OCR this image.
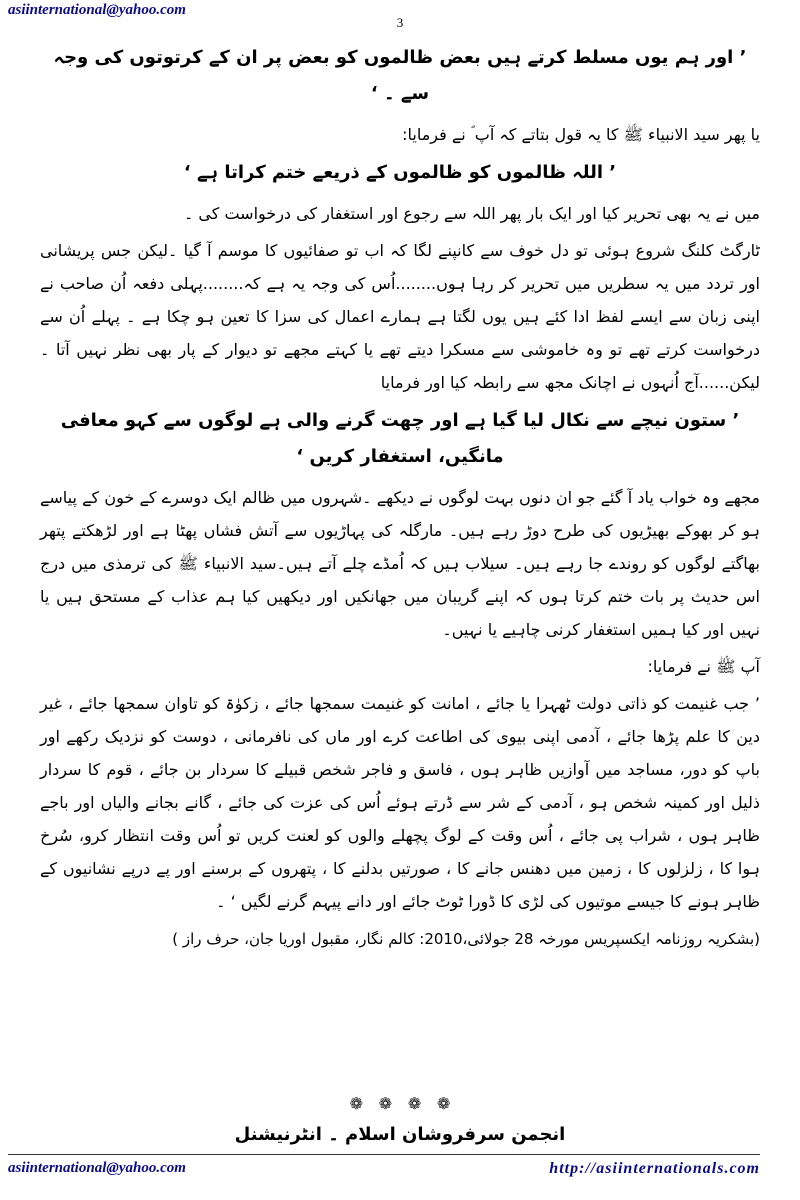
asiinternational@yahoo.com
3
’ اور ہم یوں مسلط کرتے ہیں بعض ظالموں کو بعض پر ان کے کرتوتوں کی وجہ سے ۔ ‘
یا پھر سید الانبیاء ﷺ کا یہ قول بتاتے کہ آپ ؐ نے فرمایا:
’ اللہ ظالموں کو ظالموں کے ذریعے ختم کراتا ہے ‘
میں نے یہ بھی تحریر کیا اور ایک بار پھر اللہ سے رجوع اور استغفار کی درخواست کی ۔
ٹارگٹ کلنگ شروع ہوئی تو دل خوف سے کانپنے لگا کہ اب تو صفائیوں کا موسم آ گیا ۔لیکن جس پریشانی اور تردد میں یہ سطریں میں تحریر کر رہا ہوں........اُس کی وجہ یہ ہے کہ........پہلی دفعہ اُن صاحب نے اپنی زبان سے ایسے لفظ ادا کئے ہیں یوں لگتا ہے ہمارے اعمال کی سزا کا تعین ہو چکا ہے ۔ پہلے اُن سے درخواست کرتے تھے تو وہ خاموشی سے مسکرا دیتے تھے یا کہتے مجھے تو دیوار کے پار بھی نظر نہیں آتا ۔لیکن......آج اُنہوں نے اچانک مجھ سے رابطہ کیا اور فرمایا
’ ستون نیچے سے نکال لیا گیا ہے اور چھت گرنے والی ہے لوگوں سے کہو معافی مانگیں، استغفار کریں ‘
مجھے وہ خواب یاد آ گئے جو ان دنوں بہت لوگوں نے دیکھے ۔شہروں میں ظالم ایک دوسرے کے خون کے پیاسے ہو کر بھوکے بھیڑیوں کی طرح دوڑ رہے ہیں۔ مارگلہ کی پہاڑیوں سے آتش فشاں پھٹا ہے اور لڑھکتے پتھر بھاگتے لوگوں کو روندے جا رہے ہیں۔ سیلاب ہیں کہ اُمڈے چلے آتے ہیں۔سید الانبیاء ﷺ کی ترمذی میں درج اس حدیث پر بات ختم کرتا ہوں کہ اپنے گریبان میں جھانکیں اور دیکھیں کیا ہم عذاب کے مستحق ہیں یا نہیں اور کیا ہمیں استغفار کرنی چاہیے یا نہیں۔
آپ ﷺ نے فرمایا:
’ جب غنیمت کو ذاتی دولت ٹھہرا یا جائے ، امانت کو غنیمت سمجھا جائے ، زکوٰۃ کو تاوان سمجھا جائے ، غیر دین کا علم پڑھا جائے ، آدمی اپنی بیوی کی اطاعت کرے اور ماں کی نافرمانی ، دوست کو نزدیک رکھے اور باپ کو دور، مساجد میں آوازیں ظاہر ہوں ، فاسق و فاجر شخص قبیلے کا سردار بن جائے ، قوم کا سردار ذلیل اور کمینہ شخص ہو ، آدمی کے شر سے ڈرتے ہوئے اُس کی عزت کی جائے ، گانے بجانے والیاں اور باجے ظاہر ہوں ، شراب پی جائے ، اُس وقت کے لوگ پچھلے والوں کو لعنت کریں تو اُس وقت انتظار کرو، سُرخ ہوا کا ، زلزلوں کا ، زمین میں دھنس جانے کا ، صورتیں بدلنے کا ، پتھروں کے برسنے اور پے درپے نشانیوں کے ظاہر ہونے کا جیسے موتیوں کی لڑی کا ڈورا ٹوٹ جائے اور دانے پیہم گرنے لگیں ‘ ۔
(بشکریہ روزنامہ ایکسپریس مورخہ 28 جولائی،2010: کالم نگار، مقبول اوریا جان، حرف راز )
❁ ❁ ❁ ❁
انجمن سرفروشان اسلام ۔ انٹرنیشنل
asiinternational@yahoo.com	http://asiinternationals.com
